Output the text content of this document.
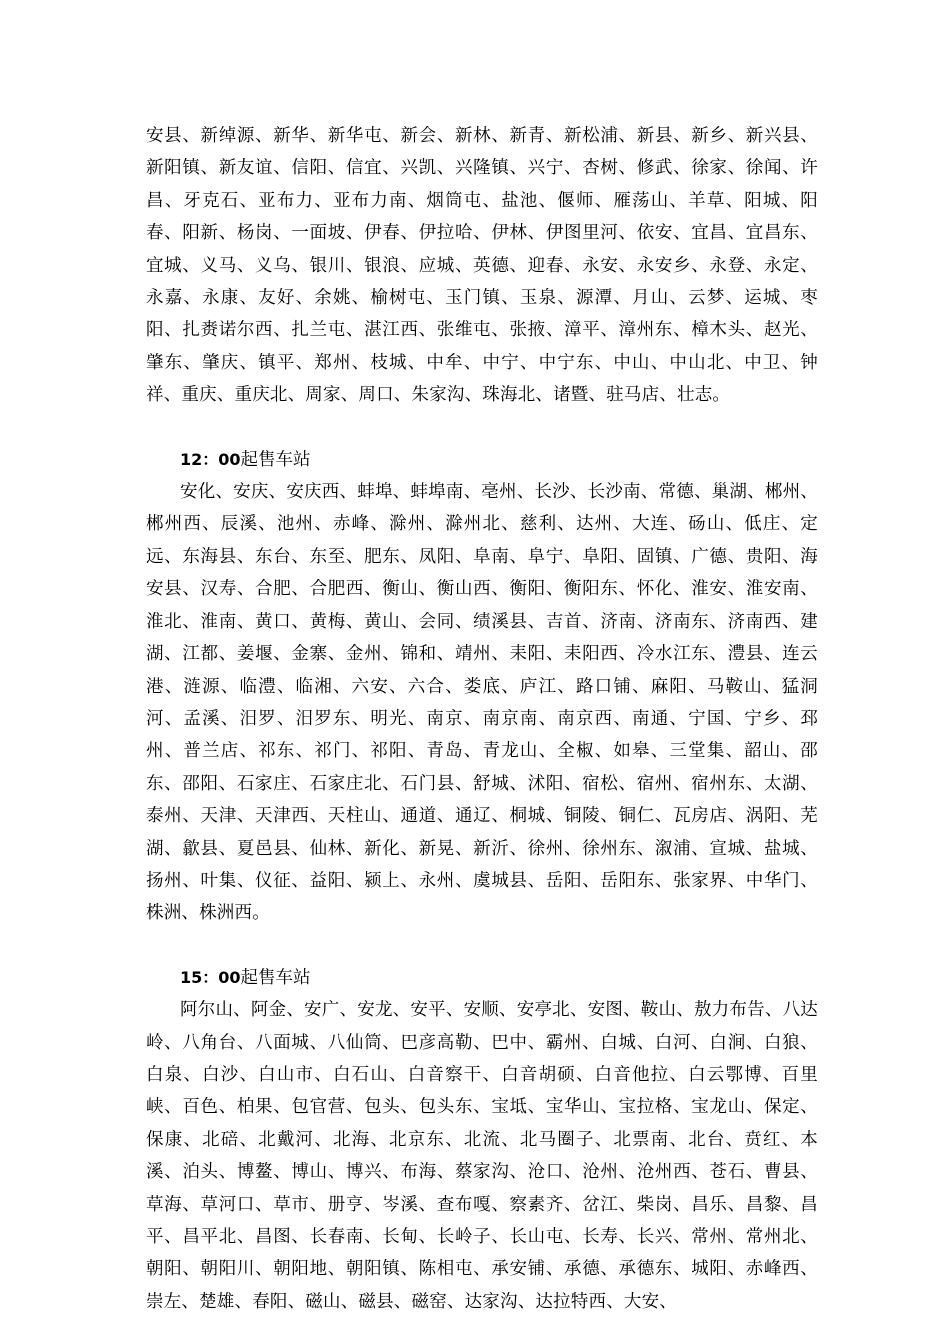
安县、新绰源、新华、新华屯、新会、新林、新青、新松浦、新县、新乡、新兴县、新阳镇、新友谊、信阳、信宜、兴凯、兴隆镇、兴宁、杏树、修武、徐家、徐闻、许昌、牙克石、亚布力、亚布力南、烟筒屯、盐池、偃师、雁荡山、羊草、阳城、阳春、阳新、杨岗、一面坡、伊春、伊拉哈、伊林、伊图里河、依安、宜昌、宜昌东、宜城、义马、义乌、银川、银浪、应城、英德、迎春、永安、永安乡、永登、永定、永嘉、永康、友好、余姚、榆树屯、玉门镇、玉泉、源潭、月山、云梦、运城、枣阳、扎赉诺尔西、扎兰屯、湛江西、张维屯、张掖、漳平、漳州东、樟木头、赵光、肇东、肇庆、镇平、郑州、枝城、中牟、中宁、中宁东、中山、中山北、中卫、钟祥、重庆、重庆北、周家、周口、朱家沟、珠海北、诸暨、驻马店、壮志。

12：00起售车站

安化、安庆、安庆西、蚌埠、蚌埠南、亳州、长沙、长沙南、常德、巢湖、郴州、郴州西、辰溪、池州、赤峰、滁州、滁州北、慈利、达州、大连、砀山、低庄、定远、东海县、东台、东至、肥东、凤阳、阜南、阜宁、阜阳、固镇、广德、贵阳、海安县、汉寿、合肥、合肥西、衡山、衡山西、衡阳、衡阳东、怀化、淮安、淮安南、淮北、淮南、黄口、黄梅、黄山、会同、绩溪县、吉首、济南、济南东、济南西、建湖、江都、姜堰、金寨、金州、锦和、靖州、耒阳、耒阳西、冷水江东、澧县、连云港、涟源、临澧、临湘、六安、六合、娄底、庐江、路口铺、麻阳、马鞍山、猛洞河、孟溪、汨罗、汨罗东、明光、南京、南京南、南京西、南通、宁国、宁乡、邳州、普兰店、祁东、祁门、祁阳、青岛、青龙山、全椒、如皋、三堂集、韶山、邵东、邵阳、石家庄、石家庄北、石门县、舒城、沭阳、宿松、宿州、宿州东、太湖、泰州、天津、天津西、天柱山、通道、通辽、桐城、铜陵、铜仁、瓦房店、涡阳、芜湖、歙县、夏邑县、仙林、新化、新晃、新沂、徐州、徐州东、溆浦、宣城、盐城、扬州、叶集、仪征、益阳、颍上、永州、虞城县、岳阳、岳阳东、张家界、中华门、株洲、株洲西。

15：00起售车站

阿尔山、阿金、安广、安龙、安平、安顺、安亭北、安图、鞍山、敖力布告、八达岭、八角台、八面城、八仙筒、巴彦高勒、巴中、霸州、白城、白河、白涧、白狼、白泉、白沙、白山市、白石山、白音察干、白音胡硕、白音他拉、白云鄂博、百里峡、百色、柏果、包官营、包头、包头东、宝坻、宝华山、宝拉格、宝龙山、保定、保康、北碚、北戴河、北海、北京东、北流、北马圈子、北票南、北台、贲红、本溪、泊头、博鳌、博山、博兴、布海、蔡家沟、沧口、沧州、沧州西、苍石、曹县、草海、草河口、草市、册亨、岑溪、查布嘎、察素齐、岔江、柴岗、昌乐、昌黎、昌平、昌平北、昌图、长春南、长甸、长岭子、长山屯、长寿、长兴、常州、常州北、朝阳、朝阳川、朝阳地、朝阳镇、陈相屯、承安铺、承德、承德东、城阳、赤峰西、崇左、楚雄、春阳、磁山、磁县、磁窑、达家沟、达拉特西、大安、
